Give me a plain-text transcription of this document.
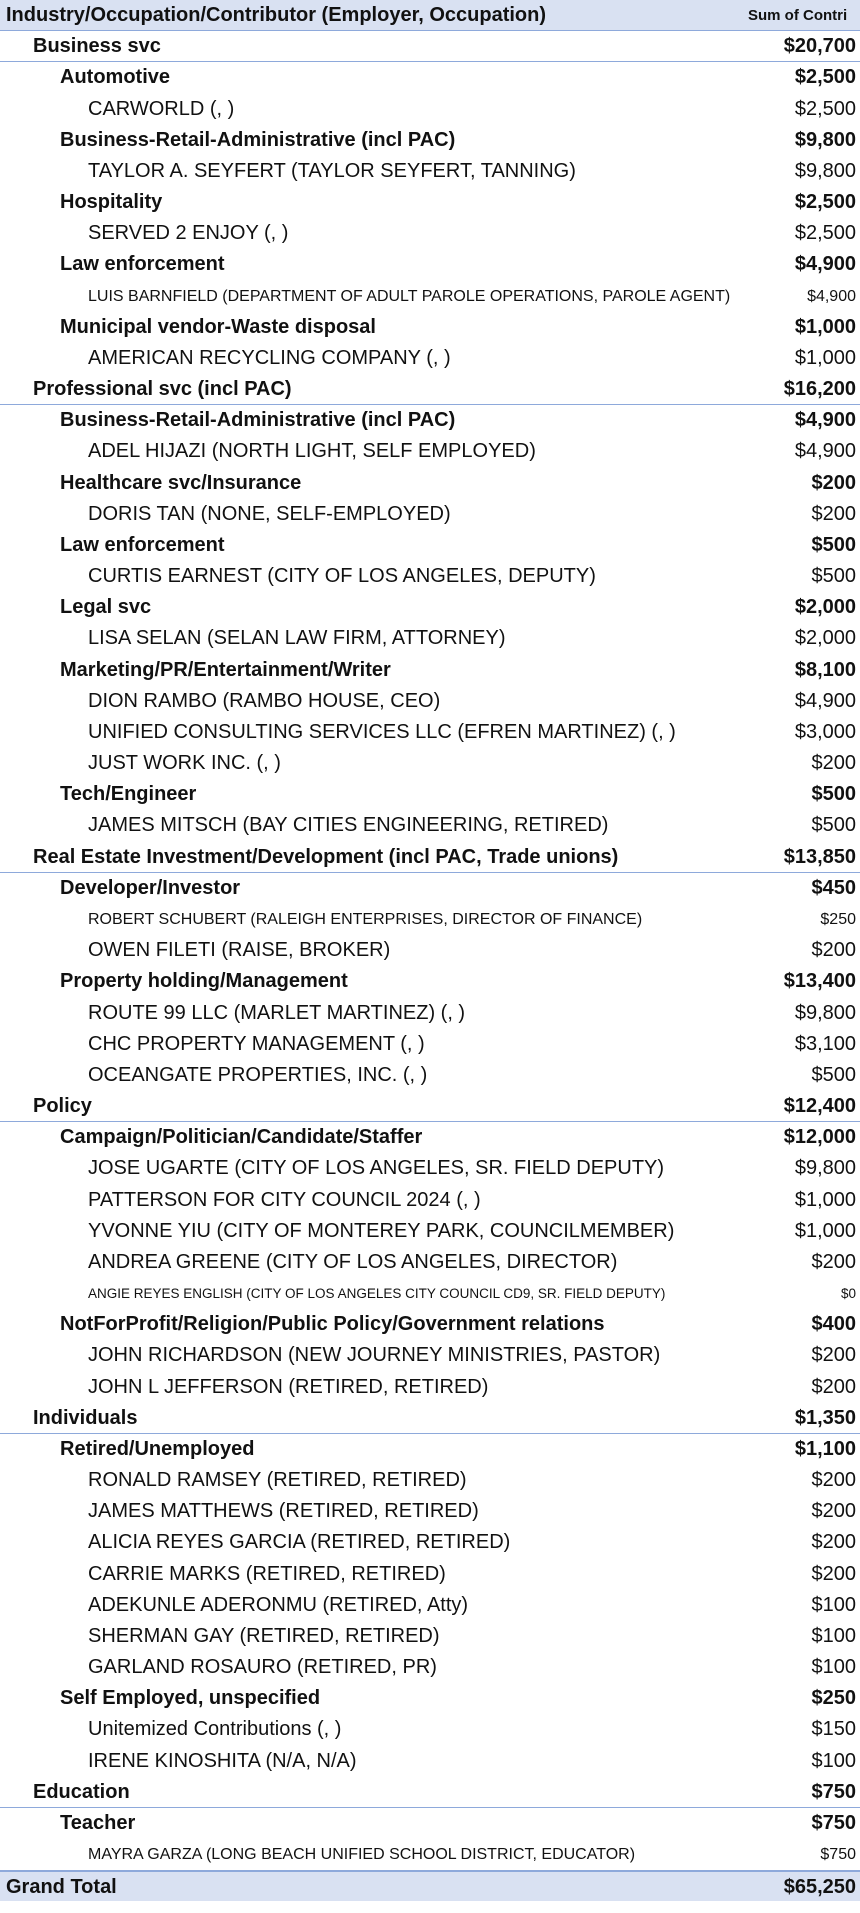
Industry/Occupation/Contributor (Employer, Occupation)	Sum of Contri
Business svc	$20,700
Automotive	$2,500
CARWORLD (, )	$2,500
Business-Retail-Administrative (incl PAC)	$9,800
TAYLOR A. SEYFERT (TAYLOR SEYFERT, TANNING)	$9,800
Hospitality	$2,500
SERVED 2 ENJOY (, )	$2,500
Law enforcement	$4,900
LUIS BARNFIELD (DEPARTMENT OF ADULT PAROLE OPERATIONS, PAROLE AGENT)	$4,900
Municipal vendor-Waste disposal	$1,000
AMERICAN RECYCLING COMPANY (, )	$1,000
Professional svc (incl PAC)	$16,200
Business-Retail-Administrative (incl PAC)	$4,900
ADEL HIJAZI (NORTH LIGHT, SELF EMPLOYED)	$4,900
Healthcare svc/Insurance	$200
DORIS TAN (NONE, SELF-EMPLOYED)	$200
Law enforcement	$500
CURTIS EARNEST (CITY OF LOS ANGELES, DEPUTY)	$500
Legal svc	$2,000
LISA SELAN (SELAN LAW FIRM, ATTORNEY)	$2,000
Marketing/PR/Entertainment/Writer	$8,100
DION RAMBO (RAMBO HOUSE, CEO)	$4,900
UNIFIED CONSULTING SERVICES LLC (EFREN MARTINEZ) (, )	$3,000
JUST WORK INC. (, )	$200
Tech/Engineer	$500
JAMES MITSCH (BAY CITIES ENGINEERING, RETIRED)	$500
Real Estate Investment/Development (incl PAC, Trade unions)	$13,850
Developer/Investor	$450
ROBERT SCHUBERT (RALEIGH ENTERPRISES, DIRECTOR OF FINANCE)	$250
OWEN FILETI (RAISE, BROKER)	$200
Property holding/Management	$13,400
ROUTE 99 LLC (MARLET MARTINEZ) (, )	$9,800
CHC PROPERTY MANAGEMENT (, )	$3,100
OCEANGATE PROPERTIES, INC. (, )	$500
Policy	$12,400
Campaign/Politician/Candidate/Staffer	$12,000
JOSE UGARTE (CITY OF LOS ANGELES, SR. FIELD DEPUTY)	$9,800
PATTERSON FOR CITY COUNCIL 2024 (, )	$1,000
YVONNE YIU (CITY OF MONTEREY PARK, COUNCILMEMBER)	$1,000
ANDREA GREENE (CITY OF LOS ANGELES, DIRECTOR)	$200
ANGIE REYES ENGLISH (CITY OF LOS ANGELES CITY COUNCIL CD9, SR. FIELD DEPUTY)	$0
NotForProfit/Religion/Public Policy/Government relations	$400
JOHN RICHARDSON (NEW JOURNEY MINISTRIES, PASTOR)	$200
JOHN L JEFFERSON (RETIRED, RETIRED)	$200
Individuals	$1,350
Retired/Unemployed	$1,100
RONALD RAMSEY (RETIRED, RETIRED)	$200
JAMES MATTHEWS (RETIRED, RETIRED)	$200
ALICIA REYES GARCIA (RETIRED, RETIRED)	$200
CARRIE MARKS (RETIRED, RETIRED)	$200
ADEKUNLE ADERONMU (RETIRED, Atty)	$100
SHERMAN GAY (RETIRED, RETIRED)	$100
GARLAND ROSAURO (RETIRED, PR)	$100
Self Employed, unspecified	$250
Unitemized Contributions (, )	$150
IRENE KINOSHITA (N/A, N/A)	$100
Education	$750
Teacher	$750
MAYRA GARZA (LONG BEACH UNIFIED SCHOOL DISTRICT, EDUCATOR)	$750
Grand Total	$65,250
